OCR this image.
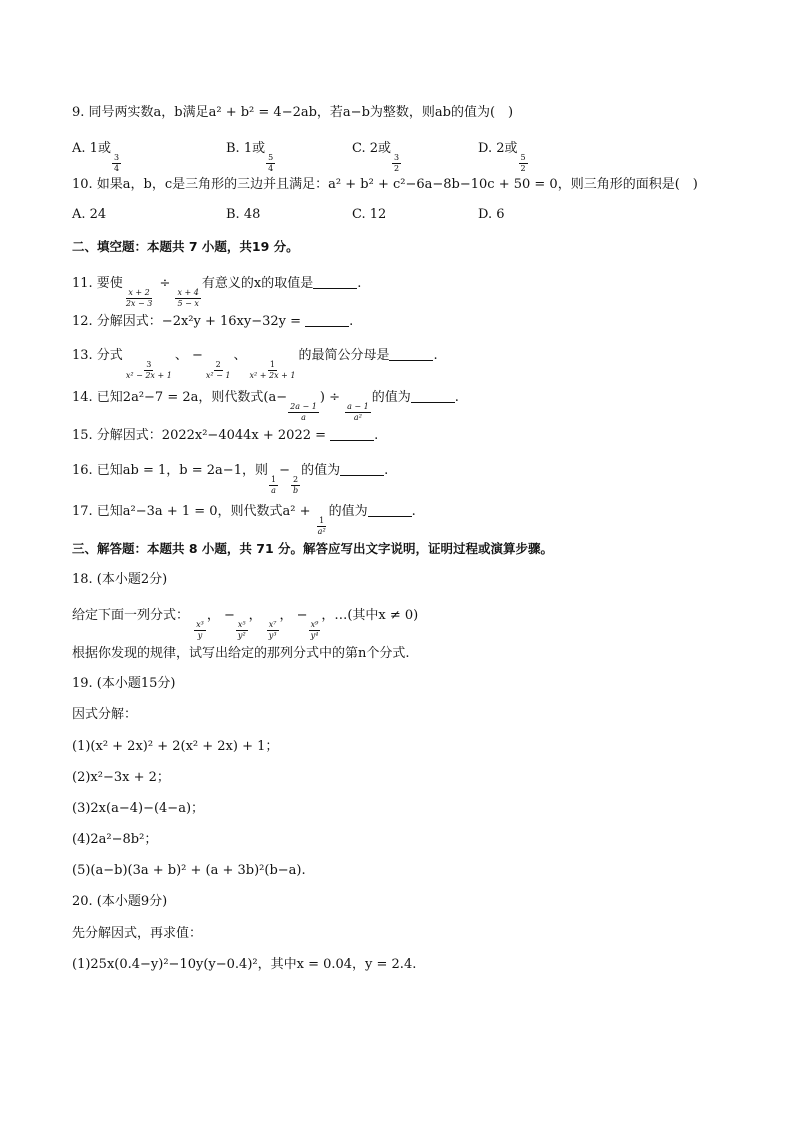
9. 同号两实数a，b满足a² + b² = 4−2ab，若a−b为整数，则ab的值为(　)
A. 1或
$\frac{3}{4}$
B. 1或
$\frac{5}{4}$
C. 2或
$\frac{3}{2}$
D. 2或
$\frac{5}{2}$
10. 如果a，b，c是三角形的三边并且满足：a² + b² + c²−6a−8b−10c + 50 = 0，则三角形的面积是(　)
A. 24	B. 48	C. 12	D. 6
二、填空题：本题共 7 小题，共19 分。
11. 要使
$\frac{x + 2}{2x - 3}$
÷
$\frac{x + 4}{5 - x}$
有意义的x的取值是	.
12. 分解因式：−2x²y + 16xy−32y =	.
13. 分式
$\frac{3}{\text{x² − 2x + 1}}$
、 −
$\frac{2}{\text{x² − 1}}$
、
$\frac{1}{\text{x² + 2x + 1}}$
的最简公分母是	.
14. 已知2a²−7 = 2a，则代数式(a−
$\frac{2a - 1}{a}$
) ÷
$\frac{a - 1}{\text{a²}}$
的值为	.
15. 分解因式：2022x²−4044x + 2022 =	.
16. 已知ab = 1，b = 2a−1，则
$\frac{1}{a}$
−
$\frac{2}{b}$
的值为	.
17. 已知a²−3a + 1 = 0，则代数式a² +
$\frac{1}{\text{a²}}$
的值为	.
三、解答题：本题共 8 小题，共 71 分。解答应写出文字说明，证明过程或演算步骤。
18. (本小题2分)
给定下面一列分式：
$\frac{\text{x³}}{y}$
， −
$\frac{\text{x⁵}}{\text{y²}}$
，
$\frac{\text{x⁷}}{\text{y³}}$
， −
$\frac{\text{x⁹}}{\text{y⁴}}$
，…(其中x ≠ 0)
根据你发现的规律，试写出给定的那列分式中的第n个分式.
19. (本小题15分)
因式分解：
(1)(x² + 2x)² + 2(x² + 2x) + 1；
(2)x²−3x + 2；
(3)2x(a−4)−(4−a)；
(4)2a²−8b²；
(5)(a−b)(3a + b)² + (a + 3b)²(b−a).
20. (本小题9分)
先分解因式，再求值：
(1)25x(0.4−y)²−10y(y−0.4)²，其中x = 0.04，y = 2.4.
